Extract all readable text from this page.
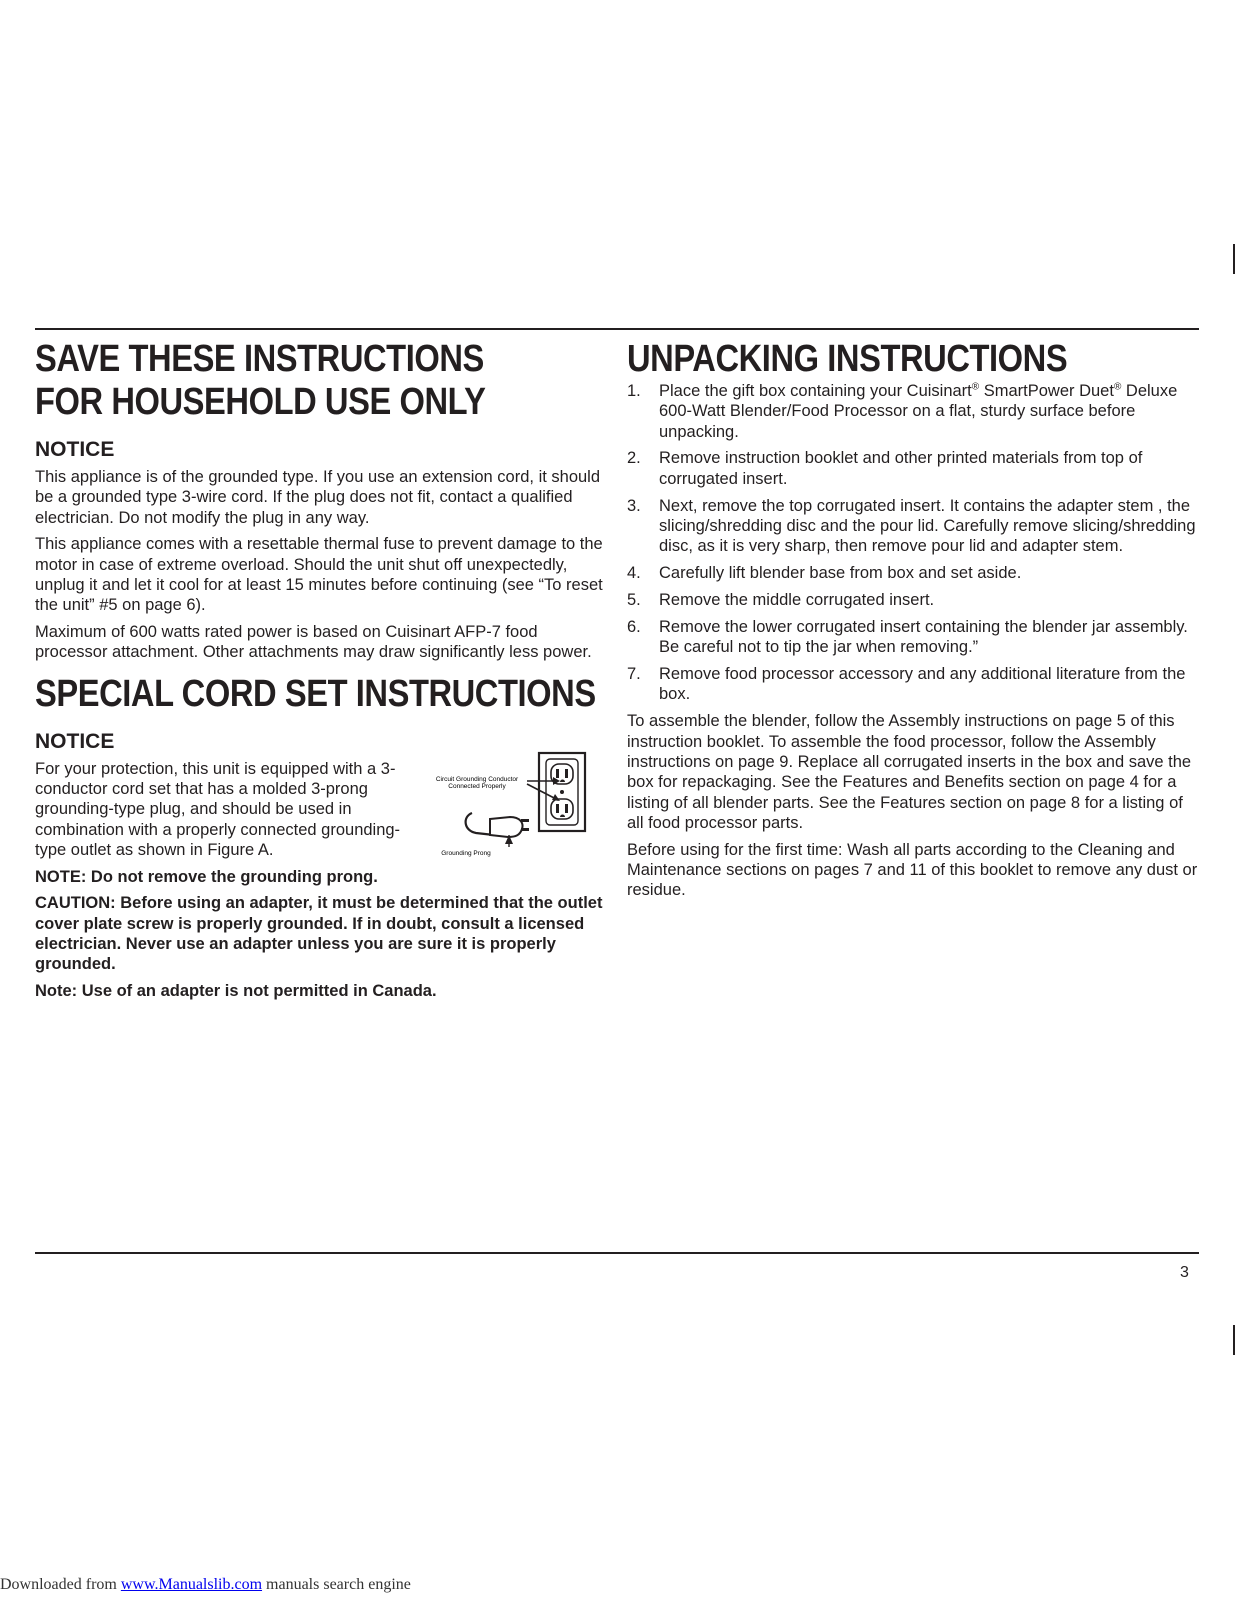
SAVE THESE INSTRUCTIONS
FOR HOUSEHOLD USE ONLY
NOTICE

This appliance is of the grounded type. If you use an extension cord, it should be a grounded type 3-wire cord. If the plug does not fit, contact a qualified electrician. Do not modify the plug in any way.

This appliance comes with a resettable thermal fuse to prevent damage to the motor in case of extreme overload. Should the unit shut off unexpectedly, unplug it and let it cool for at least 15 minutes before continuing (see “To reset the unit” #5 on page 6).

Maximum of 600 watts rated power is based on Cuisinart AFP-7 food processor attachment. Other attachments may draw significantly less power.

SPECIAL CORD SET INSTRUCTIONS
NOTICE

For your protection, this unit is equipped with a 3-conductor cord set that has a molded 3-prong grounding-type plug, and should be used in combination with a properly connected grounding-type outlet as shown in Figure A.

Circuit Grounding Conductor
Connected Properly
Grounding Prong

NOTE: Do not remove the grounding prong.

CAUTION: Before using an adapter, it must be determined that the outlet cover plate screw is properly grounded. If in doubt, consult a licensed electrician. Never use an adapter unless you are sure it is properly grounded.

Note: Use of an adapter is not permitted in Canada.

UNPACKING INSTRUCTIONS
1. Place the gift box containing your Cuisinart® SmartPower Duet® Deluxe 600-Watt Blender/Food Processor on a flat, sturdy surface before unpacking.
2. Remove instruction booklet and other printed materials from top of corrugated insert.
3. Next, remove the top corrugated insert. It contains the adapter stem , the slicing/shredding disc and the pour lid. Carefully remove slicing/shredding disc, as it is very sharp, then remove pour lid and adapter stem.
4. Carefully lift blender base from box and set aside.
5. Remove the middle corrugated insert.
6. Remove the lower corrugated insert containing the blender jar assembly. Be careful not to tip the jar when removing.”
7. Remove food processor accessory and any additional literature from the box.

To assemble the blender, follow the Assembly instructions on page 5 of this instruction booklet. To assemble the food processor, follow the Assembly instructions on page 9. Replace all corrugated inserts in the box and save the box for repackaging. See the Features and Benefits section on page 4 for a listing of all blender parts. See the Features section on page 8 for a listing of all food processor parts.

Before using for the first time: Wash all parts according to the Cleaning and Maintenance sections on pages 7 and 11 of this booklet to remove any dust or residue.

3
Downloaded from www.Manualslib.com manuals search engine
